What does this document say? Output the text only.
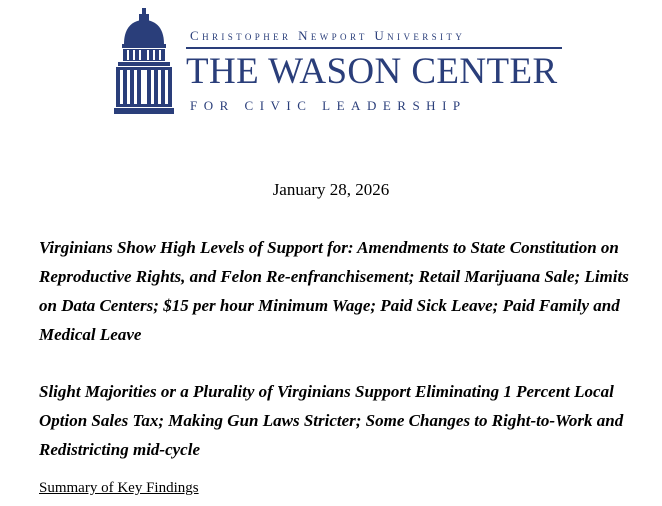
Christopher Newport University
THE WASON CENTER
FOR CIVIC LEADERSHIP
January 28, 2026
Virginians Show High Levels of Support for: Amendments to State Constitution on Reproductive Rights, and Felon Re-enfranchisement; Retail Marijuana Sale; Limits on Data Centers; $15 per hour Minimum Wage; Paid Sick Leave; Paid Family and Medical Leave
Slight Majorities or a Plurality of Virginians Support Eliminating 1 Percent Local Option Sales Tax; Making Gun Laws Stricter; Some Changes to Right-to-Work and Redistricting mid-cycle
Summary of Key Findings
